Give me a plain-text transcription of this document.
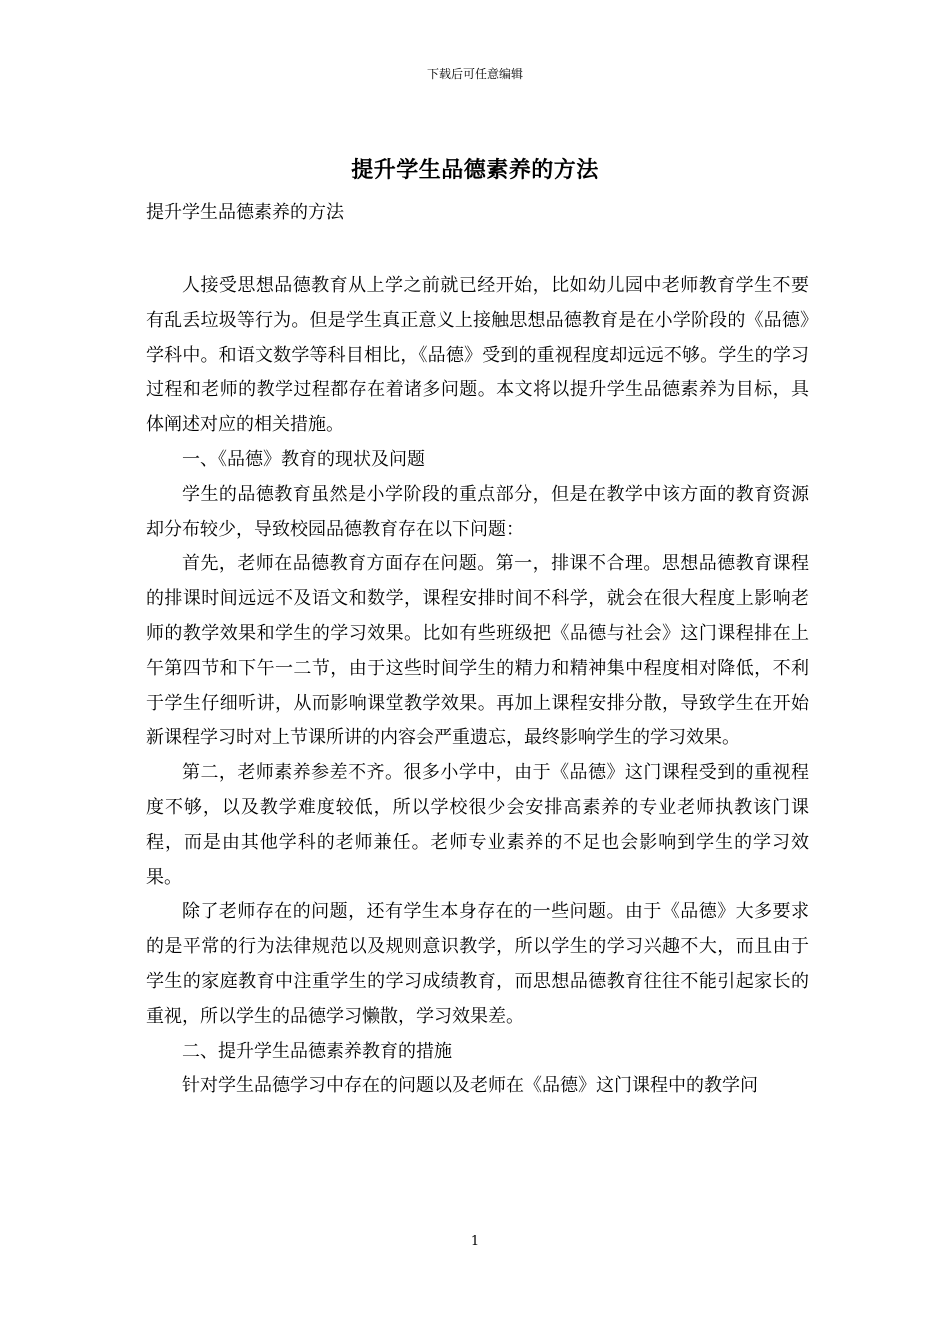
下载后可任意编辑
提升学生品德素养的方法
提升学生品德素养的方法

人接受思想品德教育从上学之前就已经开始，比如幼儿园中老师教育学生不要有乱丢垃圾等行为。但是学生真正意义上接触思想品德教育是在小学阶段的《品德》学科中。和语文数学等科目相比，《品德》受到的重视程度却远远不够。学生的学习过程和老师的教学过程都存在着诸多问题。本文将以提升学生品德素养为目标，具体阐述对应的相关措施。

一、《品德》教育的现状及问题

学生的品德教育虽然是小学阶段的重点部分，但是在教学中该方面的教育资源却分布较少，导致校园品德教育存在以下问题：

首先，老师在品德教育方面存在问题。第一，排课不合理。思想品德教育课程的排课时间远远不及语文和数学，课程安排时间不科学，就会在很大程度上影响老师的教学效果和学生的学习效果。比如有些班级把《品德与社会》这门课程排在上午第四节和下午一二节，由于这些时间学生的精力和精神集中程度相对降低，不利于学生仔细听讲，从而影响课堂教学效果。再加上课程安排分散，导致学生在开始新课程学习时对上节课所讲的内容会严重遗忘，最终影响学生的学习效果。

第二，老师素养参差不齐。很多小学中，由于《品德》这门课程受到的重视程度不够，以及教学难度较低，所以学校很少会安排高素养的专业老师执教该门课程，而是由其他学科的老师兼任。老师专业素养的不足也会影响到学生的学习效果。

除了老师存在的问题，还有学生本身存在的一些问题。由于《品德》大多要求的是平常的行为法律规范以及规则意识教学，所以学生的学习兴趣不大，而且由于学生的家庭教育中注重学生的学习成绩教育，而思想品德教育往往不能引起家长的重视，所以学生的品德学习懒散，学习效果差。

二、提升学生品德素养教育的措施

针对学生品德学习中存在的问题以及老师在《品德》这门课程中的教学问

1
